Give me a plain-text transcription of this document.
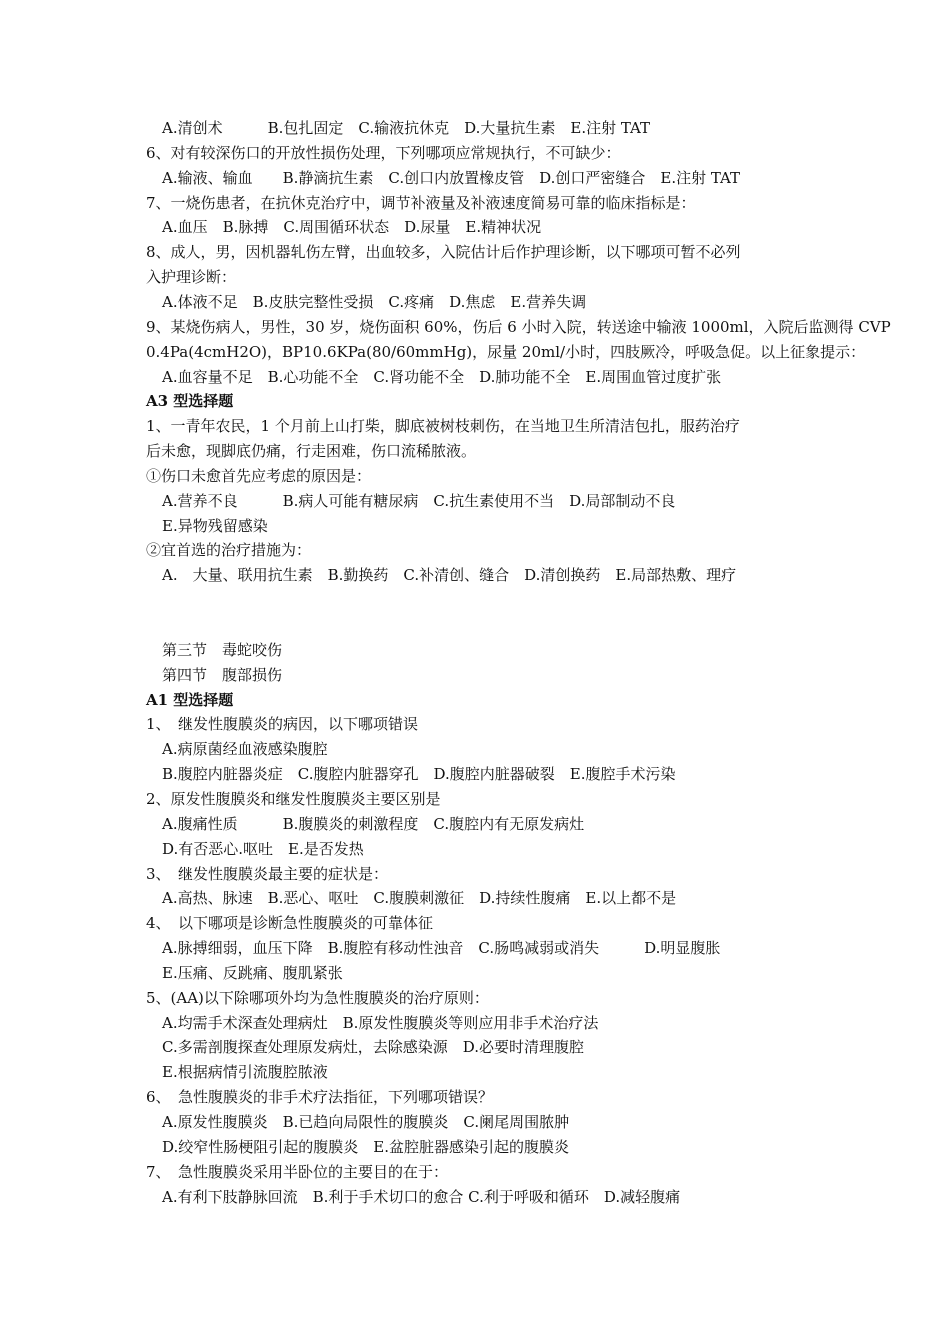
A.清创术　　　B.包扎固定　C.输液抗休克　D.大量抗生素　E.注射 TAT
6、对有较深伤口的开放性损伤处理，下列哪项应常规执行，不可缺少：
A.输液、输血　　B.静滴抗生素　C.创口内放置橡皮管　D.创口严密缝合　E.注射 TAT
7、一烧伤患者，在抗休克治疗中，调节补液量及补液速度简易可靠的临床指标是：
A.血压　B.脉搏　C.周围循环状态　D.尿量　E.精神状况
8、成人，男，因机器轧伤左臂，出血较多，入院估计后作护理诊断，以下哪项可暂不必列
入护理诊断：
A.体液不足　B.皮肤完整性受损　C.疼痛　D.焦虑　E.营养失调
9、某烧伤病人，男性，30 岁，烧伤面积 60%，伤后 6 小时入院，转送途中输液 1000ml，入院后监测得 CVP
0.4Pa(4cmH2O)，BP10.6KPa(80/60mmHg)，尿量 20ml/小时，四肢厥冷，呼吸急促。以上征象提示：
A.血容量不足　B.心功能不全　C.肾功能不全　D.肺功能不全　E.周围血管过度扩张
A3 型选择题
1、一青年农民，1 个月前上山打柴，脚底被树枝刺伤，在当地卫生所清洁包扎，服药治疗
后未愈，现脚底仍痛，行走困难，伤口流稀脓液。
①伤口未愈首先应考虑的原因是：
A.营养不良　　　B.病人可能有糖尿病　C.抗生素使用不当　D.局部制动不良
E.异物残留感染
②宜首选的治疗措施为：
A.　大量、联用抗生素　B.勤换药　C.补清创、缝合　D.清创换药　E.局部热敷、理疗
第三节　毒蛇咬伤
第四节　腹部损伤
A1 型选择题
1、　继发性腹膜炎的病因，以下哪项错误
A.病原菌经血液感染腹腔
B.腹腔内脏器炎症　C.腹腔内脏器穿孔　D.腹腔内脏器破裂　E.腹腔手术污染
2、原发性腹膜炎和继发性腹膜炎主要区别是
A.腹痛性质　　　B.腹膜炎的刺激程度　C.腹腔内有无原发病灶
D.有否恶心.呕吐　E.是否发热
3、　继发性腹膜炎最主要的症状是：
A.高热、脉速　B.恶心、呕吐　C.腹膜刺激征　D.持续性腹痛　E.以上都不是
4、　以下哪项是诊断急性腹膜炎的可靠体征
A.脉搏细弱，血压下降　B.腹腔有移动性浊音　C.肠鸣减弱或消失　　　D.明显腹胀
E.压痛、反跳痛、腹肌紧张
5、(AA)以下除哪项外均为急性腹膜炎的治疗原则：
A.均需手术深查处理病灶　B.原发性腹膜炎等则应用非手术治疗法
C.多需剖腹探查处理原发病灶，去除感染源　D.必要时清理腹腔
E.根据病情引流腹腔脓液
6、　急性腹膜炎的非手术疗法指征，下列哪项错误？
A.原发性腹膜炎　B.已趋向局限性的腹膜炎　C.阑尾周围脓肿
D.绞窄性肠梗阻引起的腹膜炎　E.盆腔脏器感染引起的腹膜炎
7、　急性腹膜炎采用半卧位的主要目的在于：
A.有利下肢静脉回流　B.利于手术切口的愈合 C.利于呼吸和循环　D.减轻腹痛
